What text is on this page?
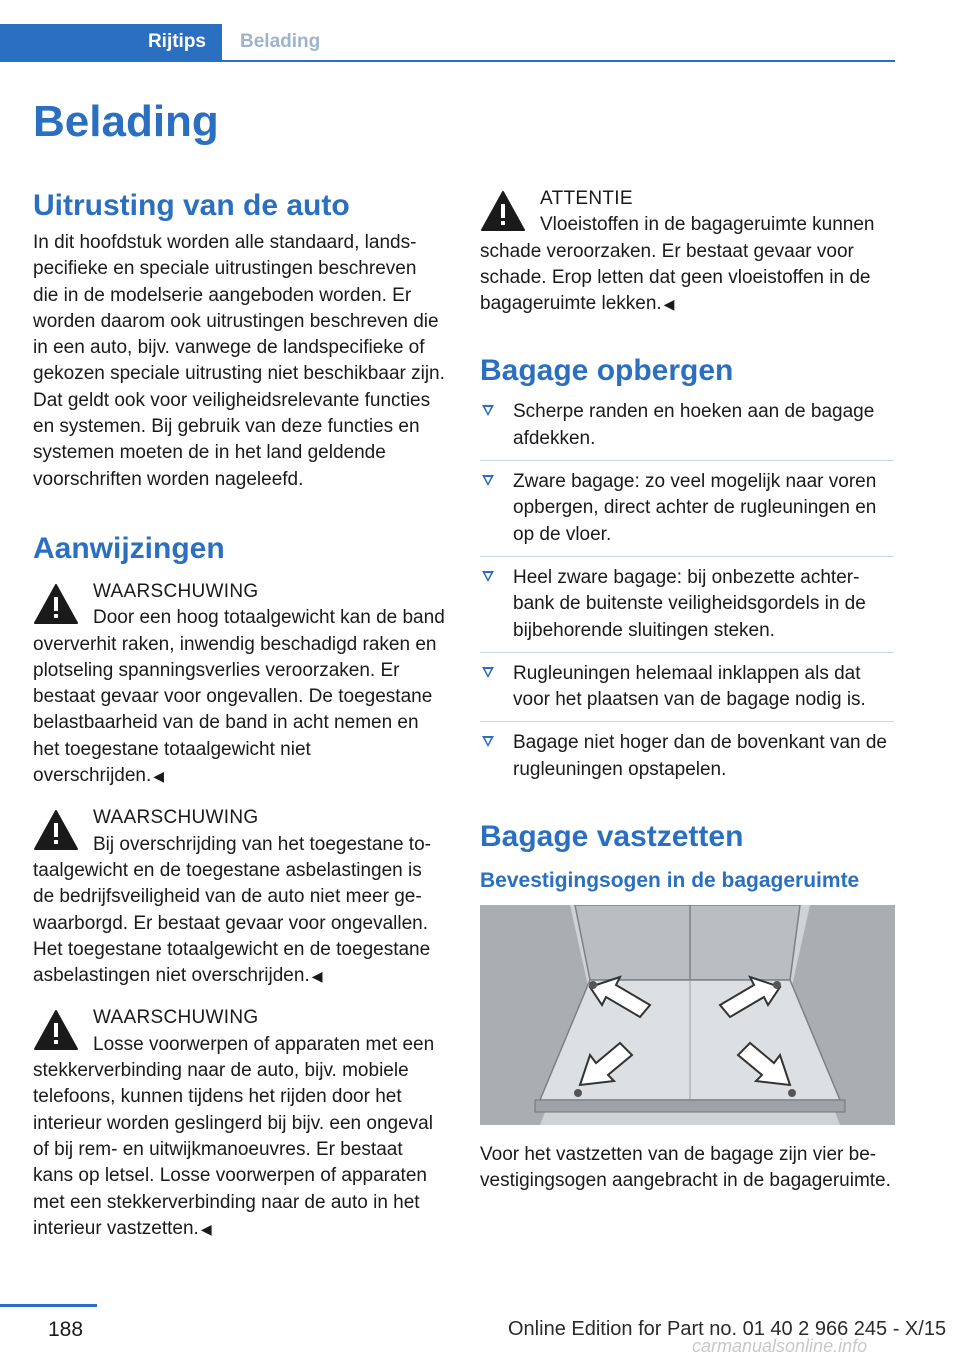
Rijtips	Belading
Belading
Uitrusting van de auto

In dit hoofdstuk worden alle standaard, landspecifieke en speciale uitrustingen beschreven die in de modelserie aangeboden worden. Er worden daarom ook uitrustingen beschreven die in een auto, bijv. vanwege de landspecifieke of gekozen speciale uitrusting niet beschikbaar zijn. Dat geldt ook voor veiligheidsrelevante functies en systemen. Bij gebruik van deze functies en systemen moeten de in het land geldende voorschriften worden nageleefd.

Aanwijzingen
WAARSCHUWING

Door een hoog totaalgewicht kan de band oververhit raken, inwendig beschadigd raken en plotseling spanningsverlies veroorzaken. Er bestaat gevaar voor ongevallen. De toegestane belastbaarheid van de band in acht nemen en het toegestane totaalgewicht niet overschrijden. ◀

WAARSCHUWING

Bij overschrijding van het toegestane totaalgewicht en de toegestane asbelastingen is de bedrijfsveiligheid van de auto niet meer gewaarborgd. Er bestaat gevaar voor ongevallen. Het toegestane totaalgewicht en de toegestane asbelastingen niet overschrijden. ◀

WAARSCHUWING

Losse voorwerpen of apparaten met een stekkerverbinding naar de auto, bijv. mobiele telefoons, kunnen tijdens het rijden door het interieur worden geslingerd bij bijv. een ongeval of bij rem- en uitwijkmanoeuvres. Er bestaat kans op letsel. Losse voorwerpen of apparaten met een stekkerverbinding naar de auto in het interieur vastzetten. ◀

ATTENTIE

Vloeistoffen in de bagageruimte kunnen schade veroorzaken. Er bestaat gevaar voor schade. Erop letten dat geen vloeistoffen in de bagageruimte lekken. ◀

Bagage opbergen
Scherpe randen en hoeken aan de bagage afdekken.
Zware bagage: zo veel mogelijk naar voren opbergen, direct achter de rugleuningen en op de vloer.
Heel zware bagage: bij onbezette achterbank de buitenste veiligheidsgordels in de bijbehorende sluitingen steken.
Rugleuningen helemaal inklappen als dat voor het plaatsen van de bagage nodig is.
Bagage niet hoger dan de bovenkant van de rugleuningen opstapelen.
Bagage vastzetten
Bevestigingsogen in de bagageruimte

Voor het vastzetten van de bagage zijn vier bevestigingsogen aangebracht in de bagageruimte.

188	Online Edition for Part no. 01 40 2 966 245 - X/15
carmanualsonline.info
